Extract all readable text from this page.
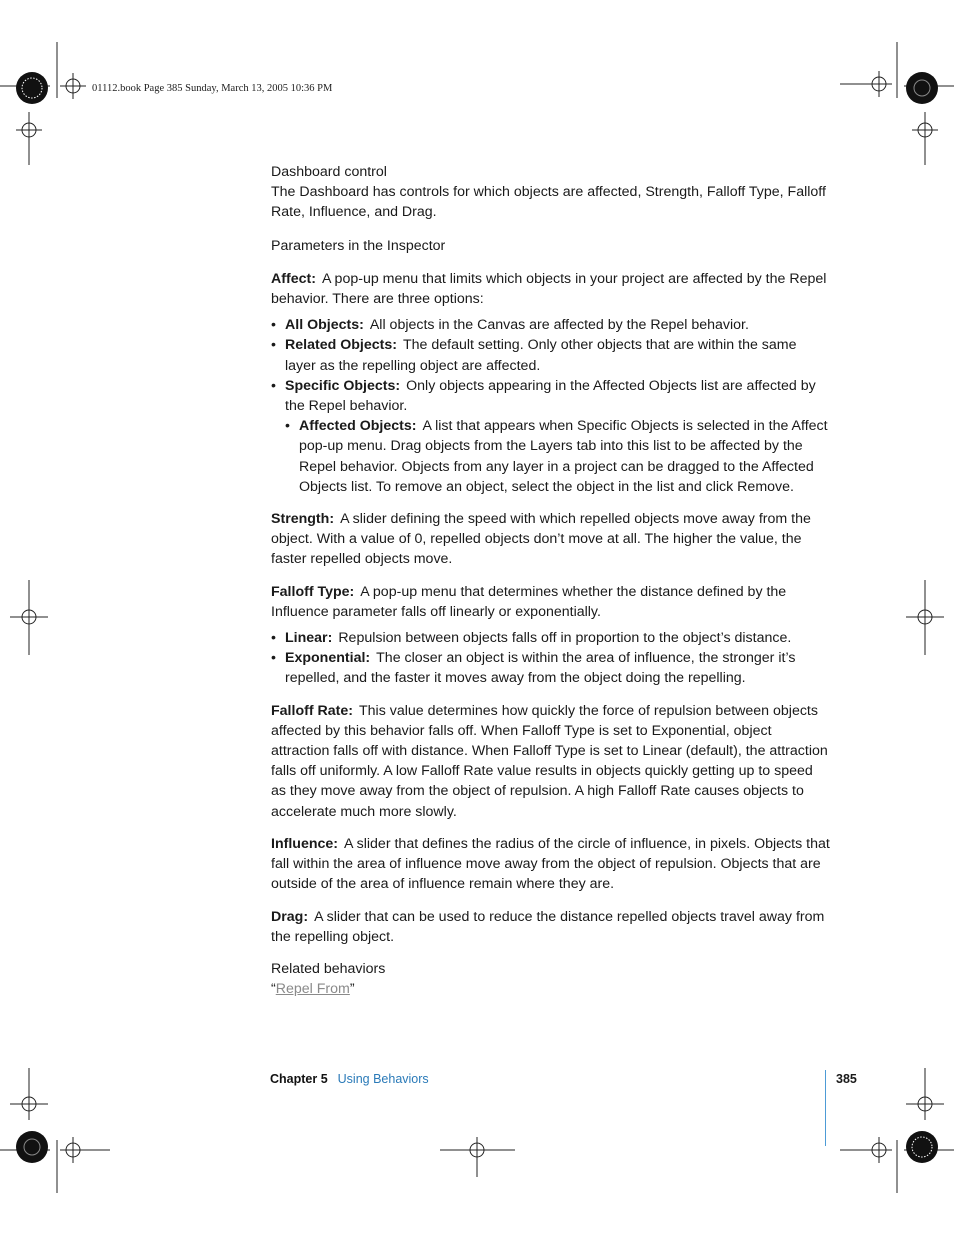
01112.book Page 385 Sunday, March 13, 2005 10:36 PM
Dashboard control
The Dashboard has controls for which objects are affected, Strength, Falloff Type, Falloff Rate, Influence, and Drag.
Parameters in the Inspector
Affect: A pop-up menu that limits which objects in your project are affected by the Repel behavior. There are three options:
• All Objects: All objects in the Canvas are affected by the Repel behavior.
• Related Objects: The default setting. Only other objects that are within the same layer as the repelling object are affected.
• Specific Objects: Only objects appearing in the Affected Objects list are affected by the Repel behavior.
• Affected Objects: A list that appears when Specific Objects is selected in the Affect pop-up menu. Drag objects from the Layers tab into this list to be affected by the Repel behavior. Objects from any layer in a project can be dragged to the Affected Objects list. To remove an object, select the object in the list and click Remove.
Strength: A slider defining the speed with which repelled objects move away from the object. With a value of 0, repelled objects don’t move at all. The higher the value, the faster repelled objects move.
Falloff Type: A pop-up menu that determines whether the distance defined by the Influence parameter falls off linearly or exponentially.
• Linear: Repulsion between objects falls off in proportion to the object’s distance.
• Exponential: The closer an object is within the area of influence, the stronger it’s repelled, and the faster it moves away from the object doing the repelling.
Falloff Rate: This value determines how quickly the force of repulsion between objects affected by this behavior falls off. When Falloff Type is set to Exponential, object attraction falls off with distance. When Falloff Type is set to Linear (default), the attraction falls off uniformly. A low Falloff Rate value results in objects quickly getting up to speed as they move away from the object of repulsion. A high Falloff Rate causes objects to accelerate much more slowly.
Influence: A slider that defines the radius of the circle of influence, in pixels. Objects that fall within the area of influence move away from the object of repulsion. Objects that are outside of the area of influence remain where they are.
Drag: A slider that can be used to reduce the distance repelled objects travel away from the repelling object.
Related behaviors
“Repel From”
Chapter 5 Using Behaviors	385
